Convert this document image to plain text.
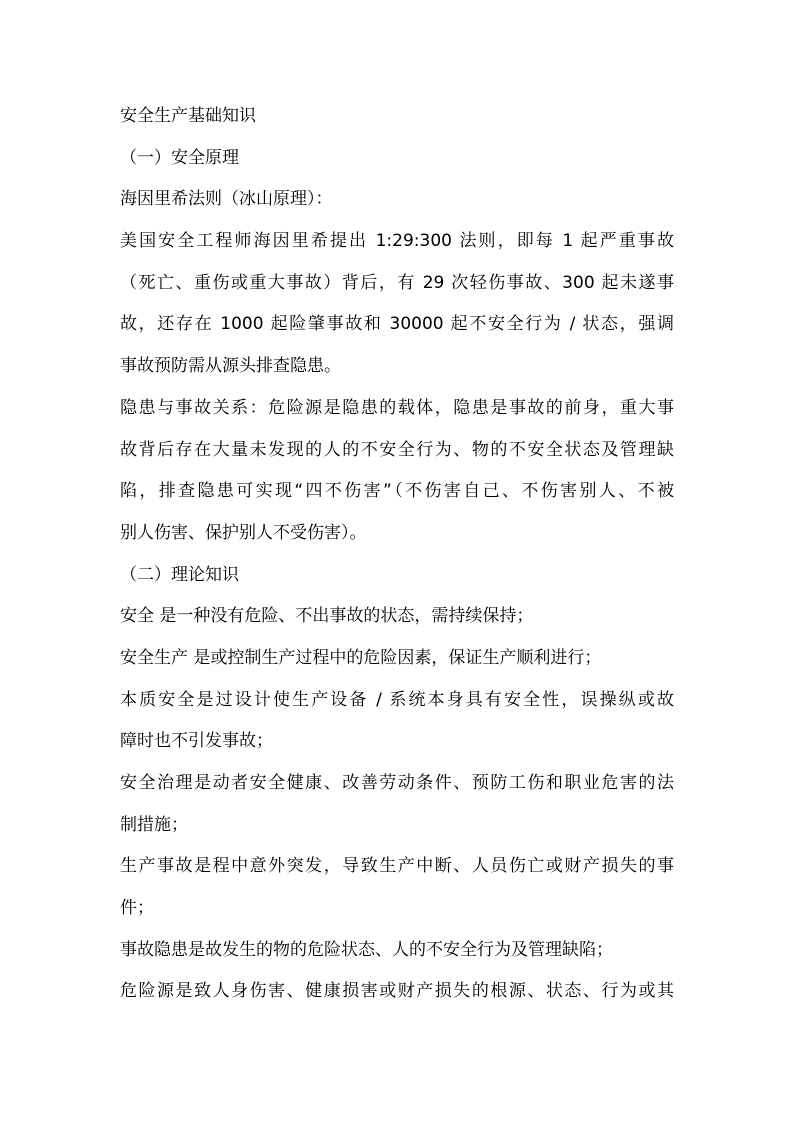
安全生产基础知识
（一）安全原理
海因里希法则（冰山原理）：
美国安全工程师海因里希提出 1:29:300 法则，即每 1 起严重事故
（死亡、重伤或重大事故）背后，有 29 次轻伤事故、300 起未遂事
故，还存在 1000 起险肇事故和 30000 起不安全行为 / 状态，强调
事故预防需从源头排查隐患。
隐患与事故关系：危险源是隐患的载体，隐患是事故的前身，重大事
故背后存在大量未发现的人的不安全行为、物的不安全状态及管理缺
陷，排查隐患可实现“四不伤害”（不伤害自己、不伤害别人、不被
别人伤害、保护别人不受伤害）。
（二）理论知识
安全 是一种没有危险、不出事故的状态，需持续保持；
安全生产 是或控制生产过程中的危险因素，保证生产顺利进行；
本质安全是过设计使生产设备 / 系统本身具有安全性，误操纵或故
障时也不引发事故；
安全治理是动者安全健康、改善劳动条件、预防工伤和职业危害的法
制措施；
生产事故是程中意外突发，导致生产中断、人员伤亡或财产损失的事
件；
事故隐患是故发生的物的危险状态、人的不安全行为及管理缺陷；
危险源是致人身伤害、健康损害或财产损失的根源、状态、行为或其
